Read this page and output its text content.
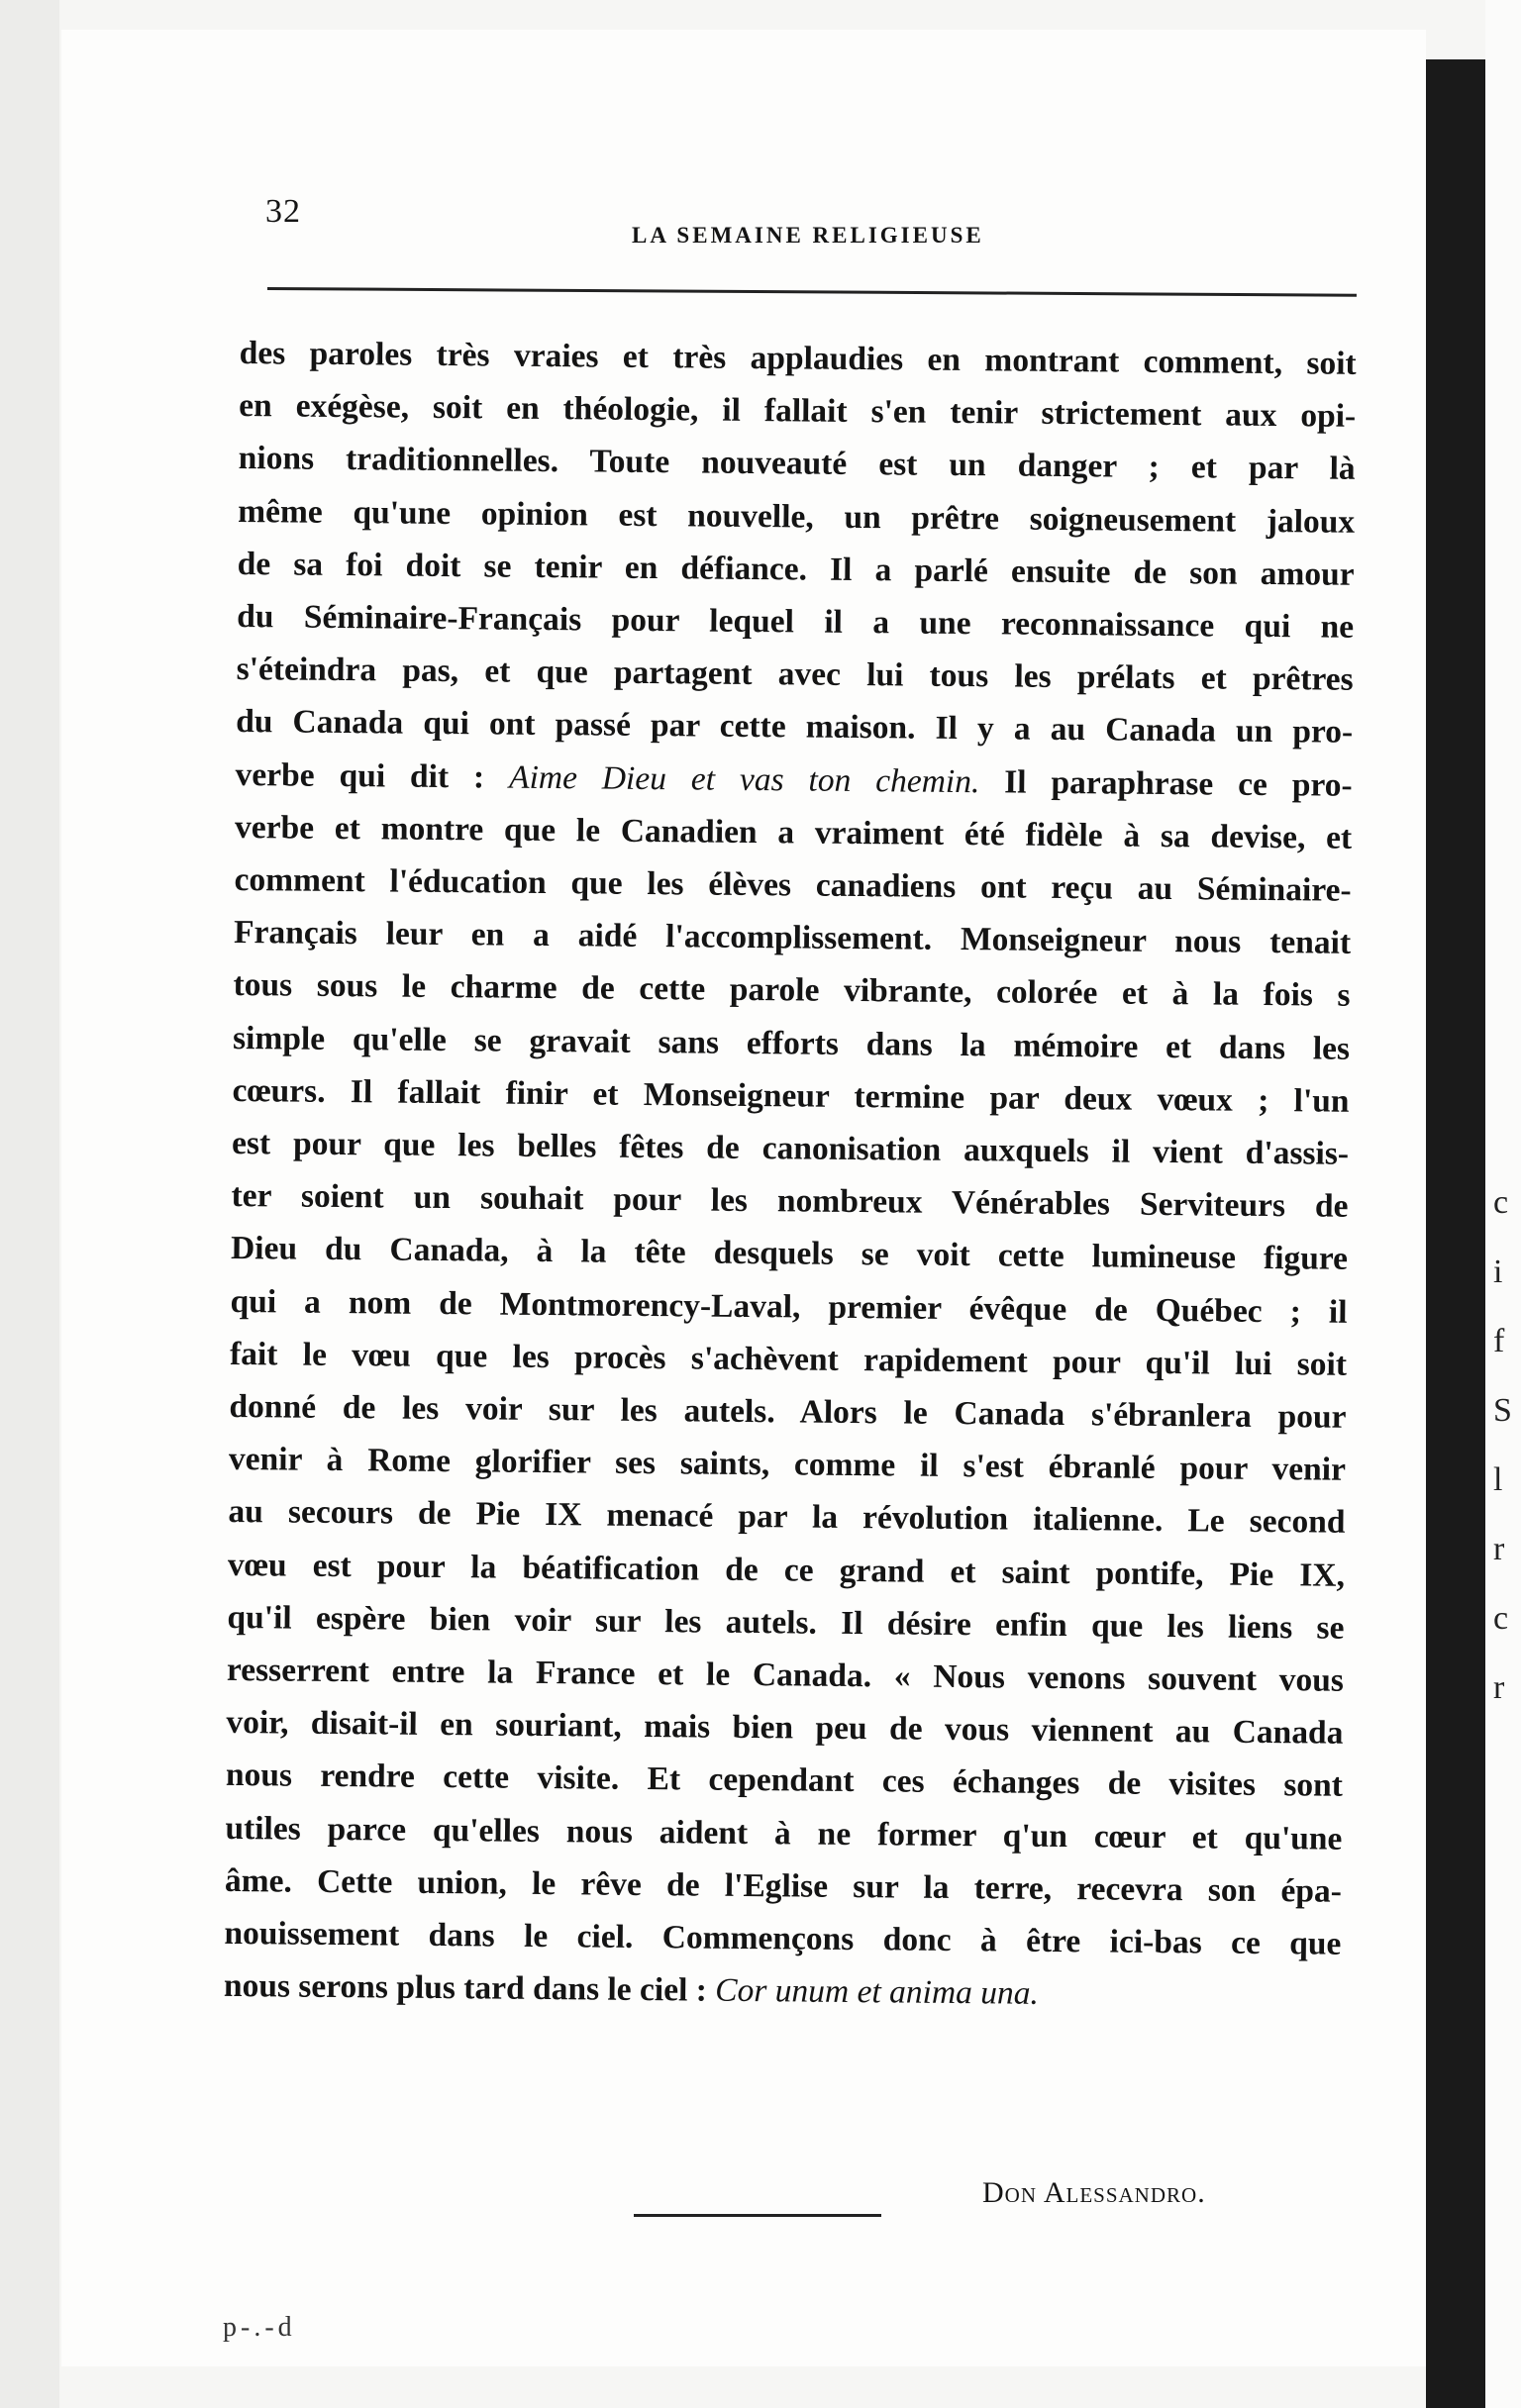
c
i
f
S
l
r
c
r
32
LA SEMAINE RELIGIEUSE
des paroles très vraies et très applaudies en montrant comment, soit
en exégèse, soit en théologie, il fallait s'en tenir strictement aux opi-
nions traditionnelles. Toute nouveauté est un danger ; et par là
même qu'une opinion est nouvelle, un prêtre soigneusement jaloux
de sa foi doit se tenir en défiance. Il a parlé ensuite de son amour
du Séminaire-Français pour lequel il a une reconnaissance qui ne
s'éteindra pas, et que partagent avec lui tous les prélats et prêtres
du Canada qui ont passé par cette maison. Il y a au Canada un pro-
verbe qui dit : Aime Dieu et vas ton chemin. Il paraphrase ce pro-
verbe et montre que le Canadien a vraiment été fidèle à sa devise, et
comment l'éducation que les élèves canadiens ont reçu au Séminaire-
Français leur en a aidé l'accomplissement. Monseigneur nous tenait
tous sous le charme de cette parole vibrante, colorée et à la fois s
simple qu'elle se gravait sans efforts dans la mémoire et dans les
cœurs. Il fallait finir et Monseigneur termine par deux vœux ; l'un
est pour que les belles fêtes de canonisation auxquels il vient d'assis-
ter soient un souhait pour les nombreux Vénérables Serviteurs de
Dieu du Canada, à la tête desquels se voit cette lumineuse figure
qui a nom de Montmorency-Laval, premier évêque de Québec ; il
fait le vœu que les procès s'achèvent rapidement pour qu'il lui soit
donné de les voir sur les autels. Alors le Canada s'ébranlera pour
venir à Rome glorifier ses saints, comme il s'est ébranlé pour venir
au secours de Pie IX menacé par la révolution italienne. Le second
vœu est pour la béatification de ce grand et saint pontife, Pie IX,
qu'il espère bien voir sur les autels. Il désire enfin que les liens se
resserrent entre la France et le Canada. « Nous venons souvent vous
voir, disait-il en souriant, mais bien peu de vous viennent au Canada
nous rendre cette visite. Et cependant ces échanges de visites sont
utiles parce qu'elles nous aident à ne former q'un cœur et qu'une
âme. Cette union, le rêve de l'Eglise sur la terre, recevra son épa-
nouissement dans le ciel. Commençons donc à être ici-bas ce que
nous serons plus tard dans le ciel : Cor unum et anima una.
Don Alessandro.
p-.-d
